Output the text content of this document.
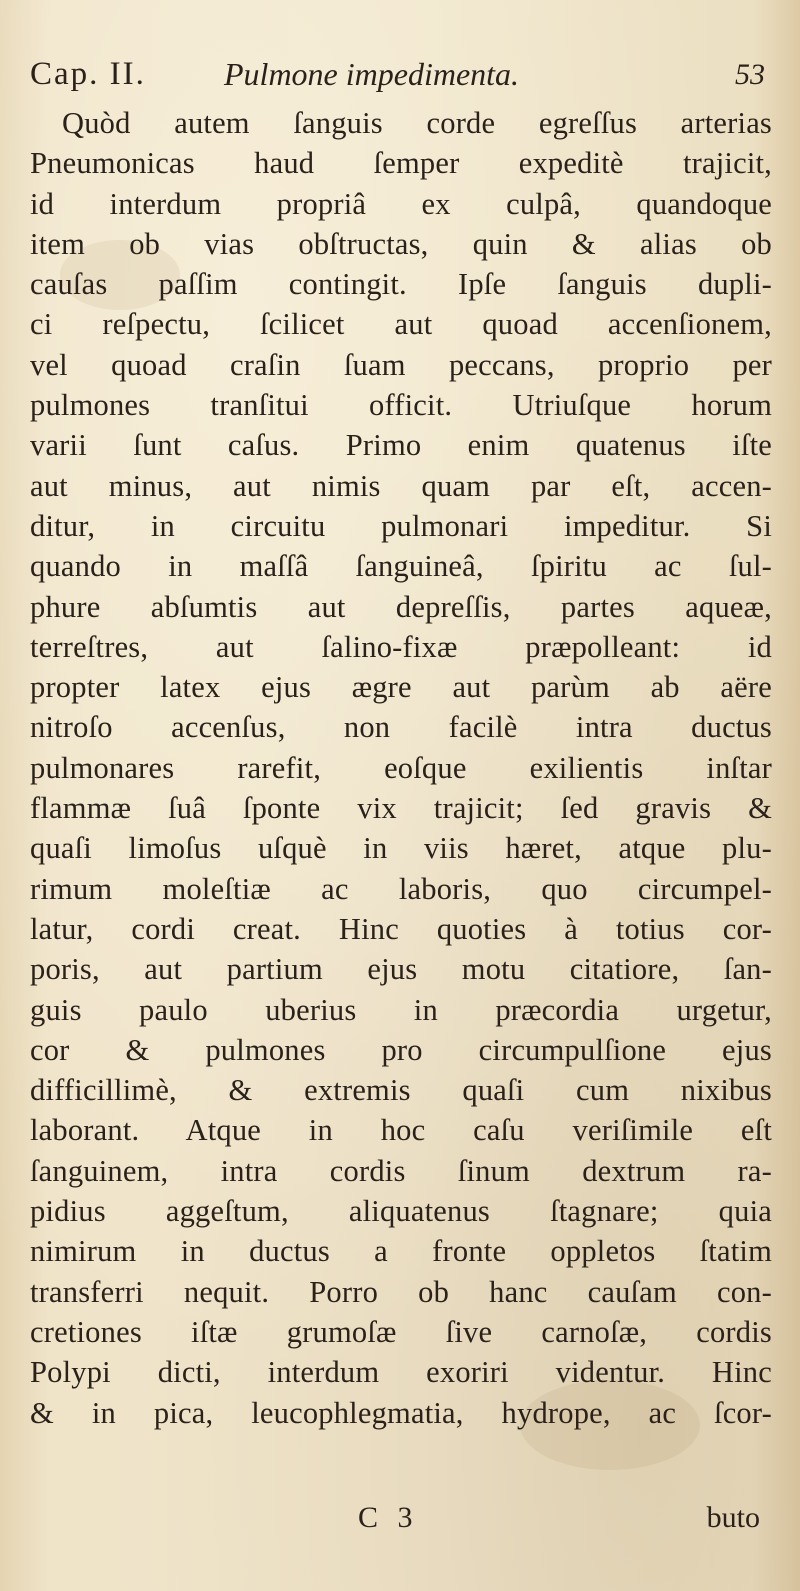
Cap. II. Pulmone impedimenta.	53
Quòd autem ſanguis corde egreſſus arterias
Pneumonicas haud ſemper expeditè trajicit,
id interdum propriâ ex culpâ, quandoque
item ob vias obſtructas, quin & alias ob
cauſas paſſim contingit. Ipſe ſanguis dupli-
ci reſpectu, ſcilicet aut quoad accenſionem,
vel quoad craſin ſuam peccans, proprio per
pulmones tranſitui officit. Utriuſque horum
varii ſunt caſus. Primo enim quatenus iſte
aut minus, aut nimis quam par eſt, accen-
ditur, in circuitu pulmonari impeditur. Si
quando in maſſâ ſanguineâ, ſpiritu ac ſul-
phure abſumtis aut depreſſis, partes aqueæ,
terreſtres, aut ſalino-fixæ præpolleant: id
propter latex ejus ægre aut parùm ab aëre
nitroſo accenſus, non facilè intra ductus
pulmonares rarefit, eoſque exilientis inſtar
flammæ ſuâ ſponte vix trajicit; ſed gravis &
quaſi limoſus uſquè in viis hæret, atque plu-
rimum moleſtiæ ac laboris, quo circumpel-
latur, cordi creat. Hinc quoties à totius cor-
poris, aut partium ejus motu citatiore, ſan-
guis paulo uberius in præcordia urgetur,
cor & pulmones pro circumpulſione ejus
difficillimè, & extremis quaſi cum nixibus
laborant. Atque in hoc caſu veriſimile eſt
ſanguinem, intra cordis ſinum dextrum ra-
pidius aggeſtum, aliquatenus ſtagnare; quia
nimirum in ductus a fronte oppletos ſtatim
transferri nequit. Porro ob hanc cauſam con-
cretiones iſtæ grumoſæ ſive carnoſæ, cordis
Polypi dicti, interdum exoriri videntur. Hinc
& in pica, leucophlegmatia, hydrope, ac ſcor-
C 3	buto
